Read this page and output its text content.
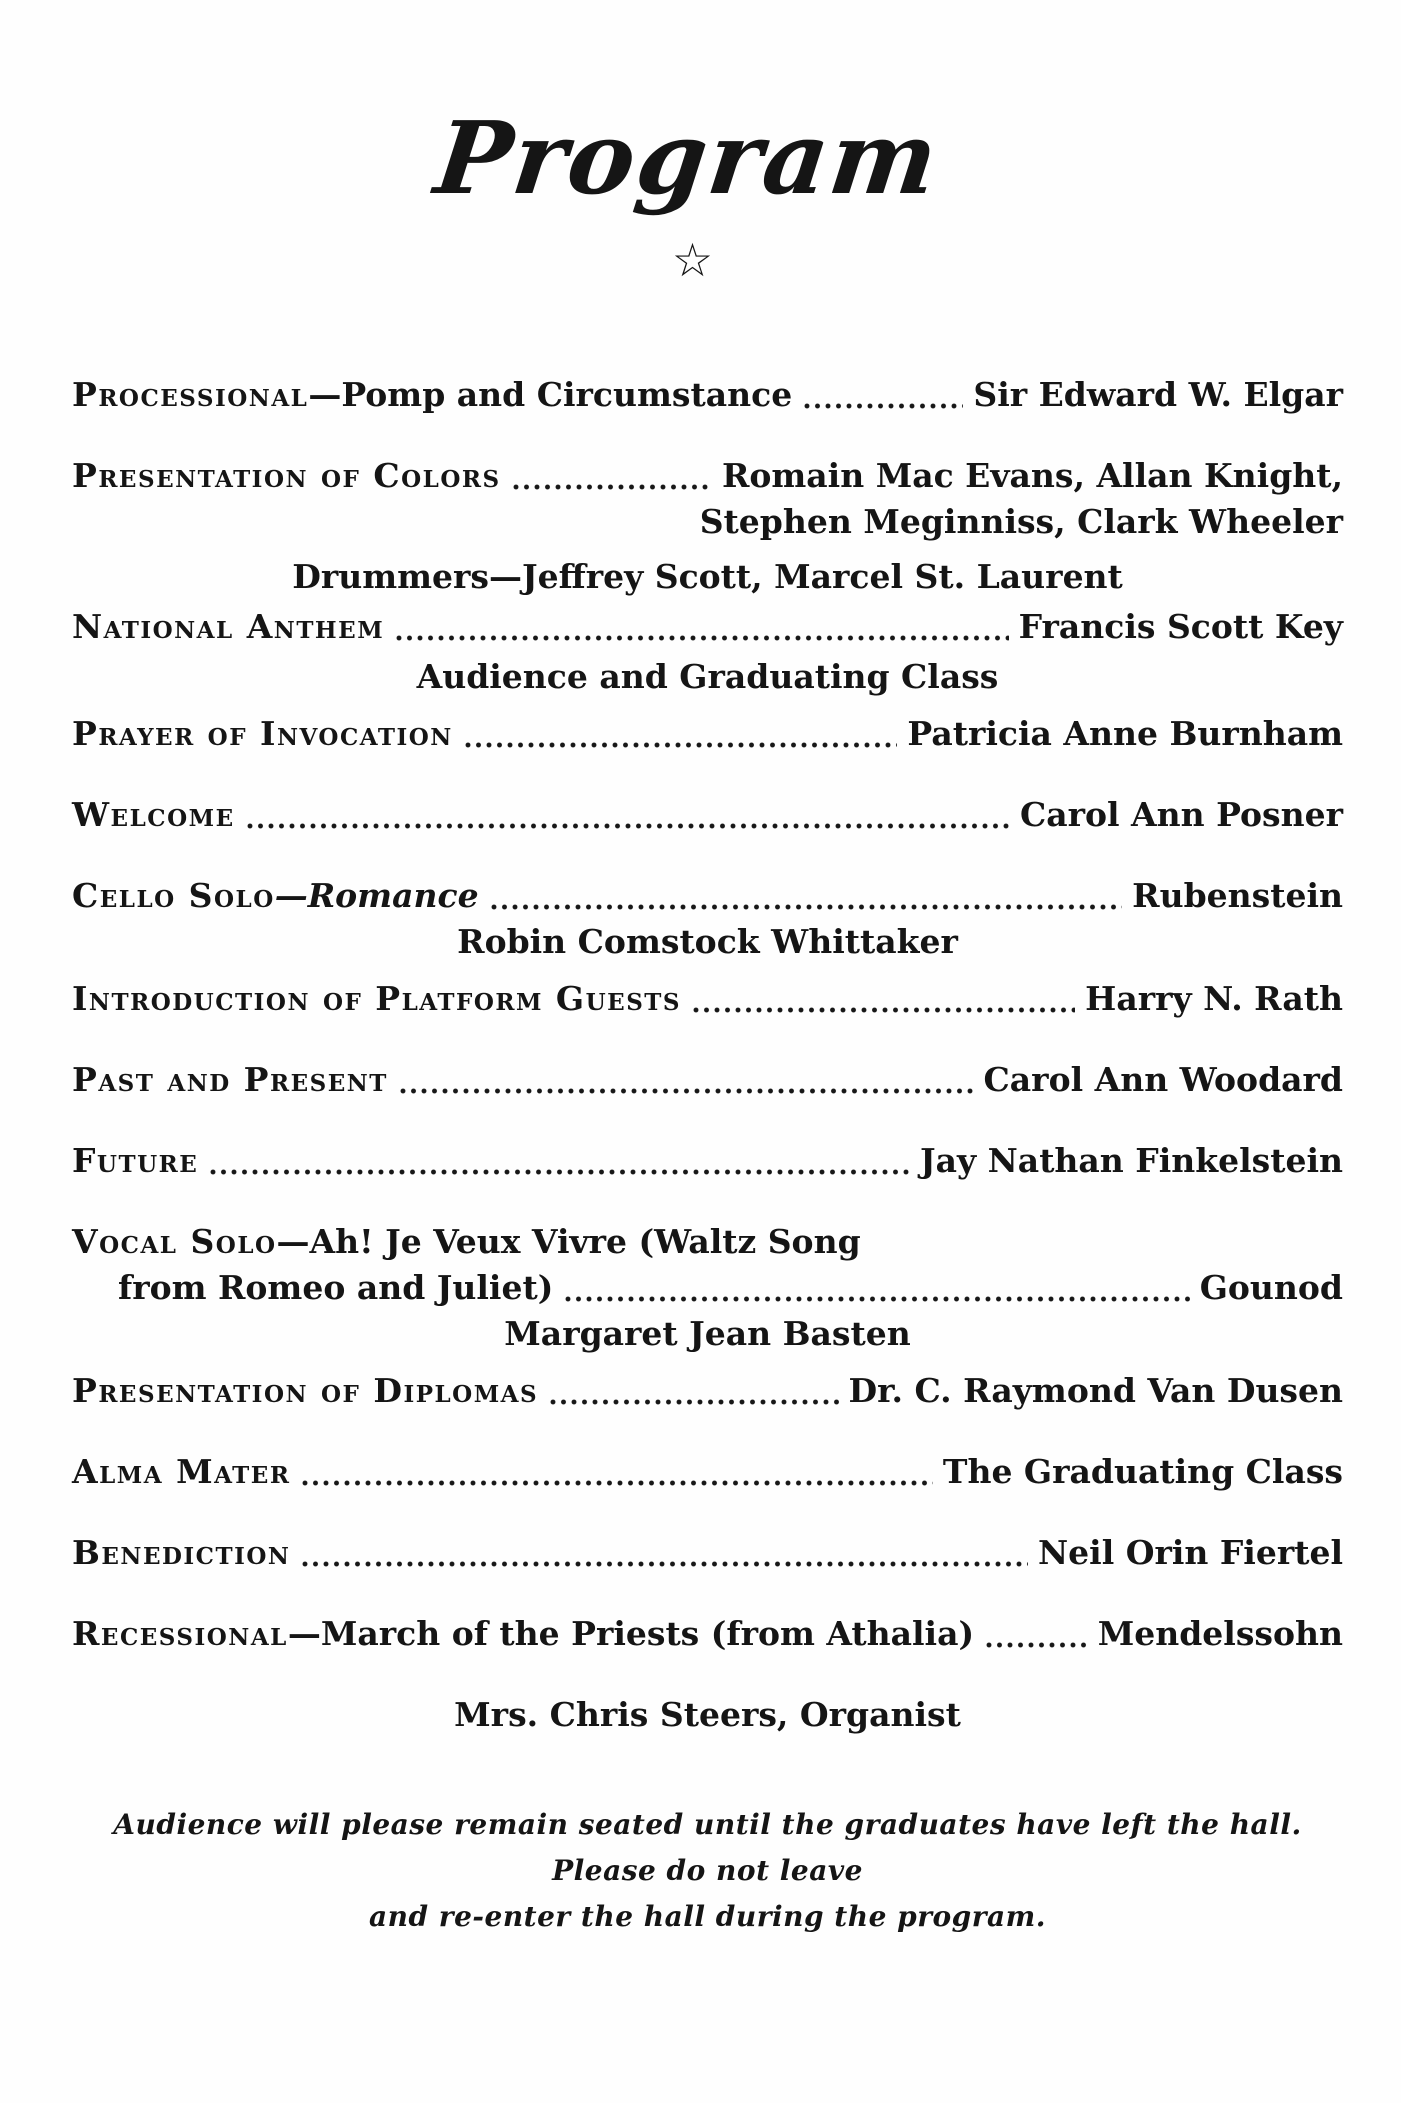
Program
☆
Processional —Pomp and Circumstance	Sir Edward W. Elgar
Presentation of Colors	Romain Mac Evans, Allan Knight,
Stephen Meginniss, Clark Wheeler
Drummers—Jeffrey Scott, Marcel St. Laurent
National Anthem	Francis Scott Key
Audience and Graduating Class
Prayer of Invocation	Patricia Anne Burnham
Welcome	Carol Ann Posner
Cello Solo —Romance	Rubenstein
Robin Comstock Whittaker
Introduction of Platform Guests	Harry N. Rath
Past and Present	Carol Ann Woodard
Future	Jay Nathan Finkelstein
Vocal Solo —Ah! Je Veux Vivre (Waltz Song
from Romeo and Juliet)	Gounod
Margaret Jean Basten
Presentation of Diplomas	Dr. C. Raymond Van Dusen
Alma Mater	The Graduating Class
Benediction	Neil Orin Fiertel
Recessional —March of the Priests (from Athalia)	Mendelssohn
Mrs. Chris Steers, Organist
Audience will please remain seated until the graduates have left the hall. Please do not leave
and re-enter the hall during the program.
